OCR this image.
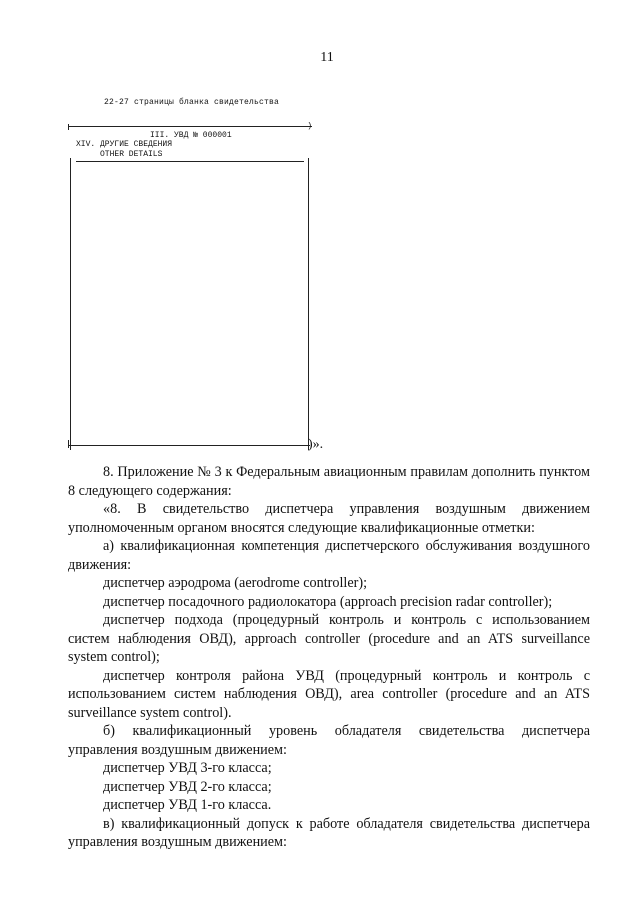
11
22-27 страницы бланка свидетельства
)
III. УВД № 000001
XIV. ДРУГИЕ СВЕДЕНИЯ
OTHER DETAILS
)».

8. Приложение № 3 к Федеральным авиационным правилам дополнить пунктом 8 следующего содержания:

«8. В свидетельство диспетчера управления воздушным движением уполномоченным органом вносятся следующие квалификационные отметки:

а) квалификационная компетенция диспетчерского обслуживания воздушного движения:

диспетчер аэродрома (aerodrome controller);

диспетчер посадочного радиолокатора (approach precision radar controller);

диспетчер подхода (процедурный контроль и контроль с использованием систем наблюдения ОВД), approach controller (procedure and an ATS surveillance system control);

диспетчер контроля района УВД (процедурный контроль и контроль с использованием систем наблюдения ОВД), area controller (procedure and an ATS surveillance system control).

б) квалификационный уровень обладателя свидетельства диспетчера управления воздушным движением:

диспетчер УВД 3-го класса;

диспетчер УВД 2-го класса;

диспетчер УВД 1-го класса.

в) квалификационный допуск к работе обладателя свидетельства диспетчера управления воздушным движением:
